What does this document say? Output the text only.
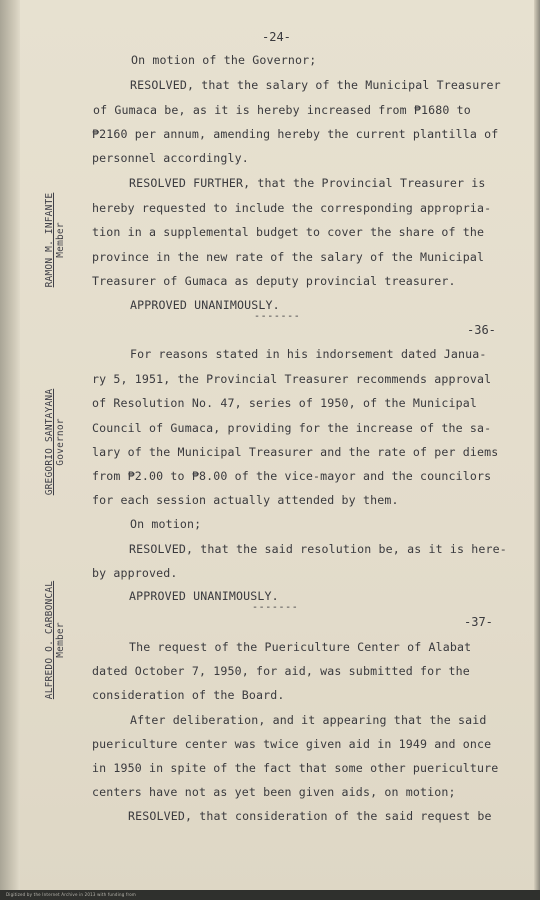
-24-
On motion of the Governor;
RESOLVED, that the salary of the Municipal Treasurer
of Gumaca be, as it is hereby increased from ₱1680 to
₱2160 per annum, amending hereby the current plantilla of
personnel accordingly.
RESOLVED FURTHER, that the Provincial Treasurer is
hereby requested to include the corresponding appropria-
tion in a supplemental budget to cover the share of the
province in the new rate of the salary of the Municipal
Treasurer of Gumaca as deputy provincial treasurer.
APPROVED UNANIMOUSLY.
-------
-36-
For reasons stated in his indorsement dated Janua-
ry 5, 1951, the Provincial Treasurer recommends approval
of Resolution No. 47, series of 1950, of the Municipal
Council of Gumaca, providing for the increase of the sa-
lary of the Municipal Treasurer and the rate of per diems
from ₱2.00 to ₱8.00 of the vice-mayor and the councilors
for each session actually attended by them.
On motion;
RESOLVED, that the said resolution be, as it is here-
by approved.
APPROVED UNANIMOUSLY.
-------
-37-
The request of the Puericulture Center of Alabat
dated October 7, 1950, for aid, was submitted for the
consideration of the Board.
After deliberation, and it appearing that the said
puericulture center was twice given aid in 1949 and once
in 1950 in spite of the fact that some other puericulture
centers have not as yet been given aids, on motion;
RESOLVED, that consideration of the said request be
RAMON M. INFANTE Member
GREGORIO SANTAYANA Governor
ALFREDO O. CARBONCAL Member
Digitized by the Internet Archive in 2013 with funding from
